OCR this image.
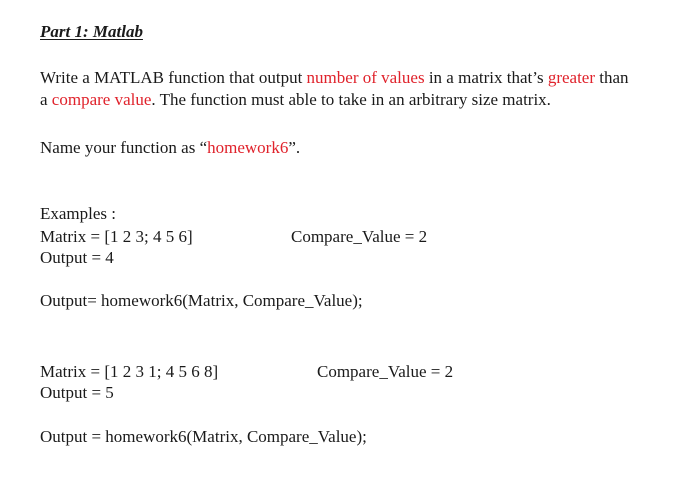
Part 1: Matlab
Write a MATLAB function that output number of values in a matrix that’s greater than
a compare value. The function must able to take in an arbitrary size matrix.
Name your function as “homework6”.
Examples :
Matrix = [1 2 3; 4 5 6]	Compare_Value = 2
Output = 4
Output= homework6(Matrix, Compare_Value);
Matrix = [1 2 3 1; 4 5 6 8]	Compare_Value = 2
Output = 5
Output = homework6(Matrix, Compare_Value);
